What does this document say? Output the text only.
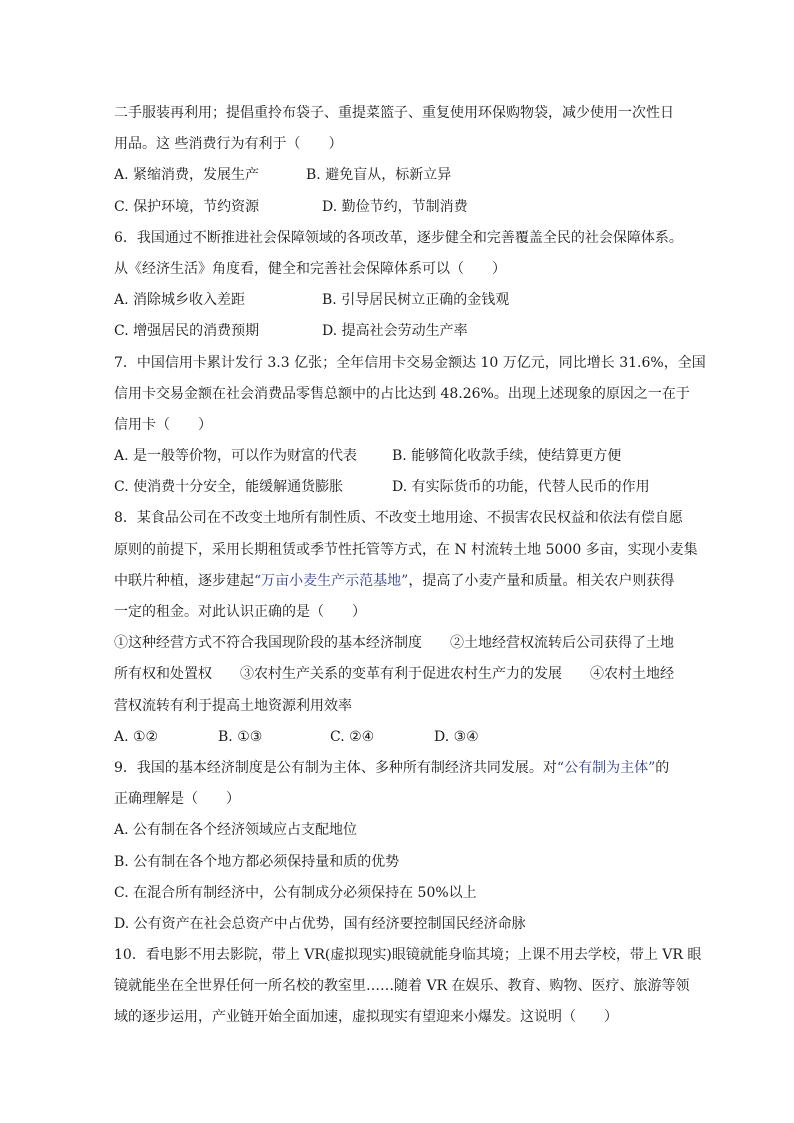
二手服装再利用；提倡重拎布袋子、重提菜篮子、重复使用环保购物袋，减少使用一次性日
用品。这 些消费行为有利于（　　）
A. 紧缩消费，发展生产	B. 避免盲从，标新立异
C. 保护环境，节约资源	D. 勤俭节约，节制消费
6．我国通过不断推进社会保障领域的各项改革，逐步健全和完善覆盖全民的社会保障体系。
从《经济生活》角度看，健全和完善社会保障体系可以（　　）
A. 消除城乡收入差距	B. 引导居民树立正确的金钱观
C. 增强居民的消费预期	D. 提高社会劳动生产率
7．中国信用卡累计发行 3.3 亿张；全年信用卡交易金额达 10 万亿元，同比增长 31.6%，全国
信用卡交易金额在社会消费品零售总额中的占比达到 48.26%。出现上述现象的原因之一在于
信用卡（　　）
A. 是一般等价物，可以作为财富的代表	B. 能够简化收款手续，使结算更方便
C. 使消费十分安全，能缓解通货膨胀	D. 有实际货币的功能，代替人民币的作用
8．某食品公司在不改变土地所有制性质、不改变土地用途、不损害农民权益和依法有偿自愿
原则的前提下，采用长期租赁或季节性托管等方式，在 N 村流转土地 5000 多亩，实现小麦集
中联片种植，逐步建起“万亩小麦生产示范基地”，提高了小麦产量和质量。相关农户则获得
一定的租金。对此认识正确的是（　　）
①这种经营方式不符合我国现阶段的基本经济制度　　②土地经营权流转后公司获得了土地
所有权和处置权　　③农村生产关系的变革有利于促进农村生产力的发展　　④农村土地经
营权流转有利于提高土地资源利用效率
A. ①②	B. ①③	C. ②④	D. ③④
9．我国的基本经济制度是公有制为主体、多种所有制经济共同发展。对“公有制为主体”的
正确理解是（　　）
A. 公有制在各个经济领域应占支配地位
B. 公有制在各个地方都必须保持量和质的优势
C. 在混合所有制经济中，公有制成分必须保持在 50%以上
D. 公有资产在社会总资产中占优势，国有经济要控制国民经济命脉
10．看电影不用去影院，带上 VR(虚拟现实)眼镜就能身临其境；上课不用去学校，带上 VR 眼
镜就能坐在全世界任何一所名校的教室里……随着 VR 在娱乐、教育、购物、医疗、旅游等领
域的逐步运用，产业链开始全面加速，虚拟现实有望迎来小爆发。这说明（　　）
